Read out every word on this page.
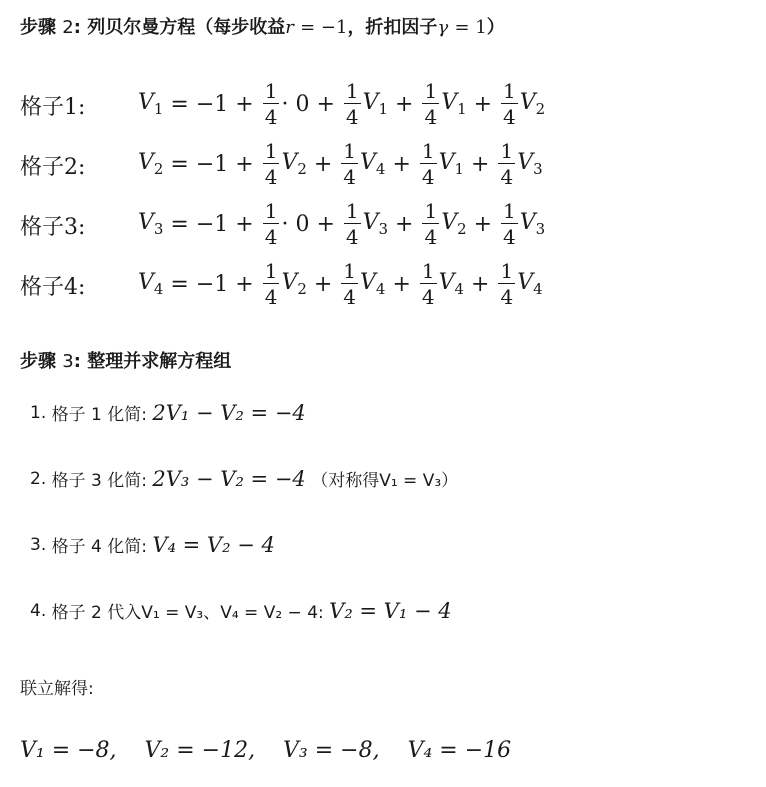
步骤 2: 列贝尔曼方程（每步收益r = −1，折扣因子γ = 1）
格子1: $V_1 = -1 + \frac{1}{4} \cdot 0 + \frac{1}{4} V_1 + \frac{1}{4} V_1 + \frac{1}{4} V_2$
格子2: $V_2 = -1 + \frac{1}{4} V_2 + \frac{1}{4} V_4 + \frac{1}{4} V_1 + \frac{1}{4} V_3$
格子3: $V_3 = -1 + \frac{1}{4} \cdot 0 + \frac{1}{4} V_3 + \frac{1}{4} V_2 + \frac{1}{4} V_3$
格子4: $V_4 = -1 + \frac{1}{4} V_2 + \frac{1}{4} V_4 + \frac{1}{4} V_4 + \frac{1}{4} V_4$
步骤 3: 整理并求解方程组
1.
格子 1 化简:
2V₁ − V₂ = −4
2.
格子 3 化简:
2V₃ − V₂ = −4
（对称得V₁ = V₃）
3.
格子 4 化简:
V₄ = V₂ − 4
4.
格子 2 代入V₁ = V₃、V₄ = V₂ − 4:
V₂ = V₁ − 4
联立解得:
V₁ = −8,    V₂ = −12,    V₃ = −8,    V₄ = −16
